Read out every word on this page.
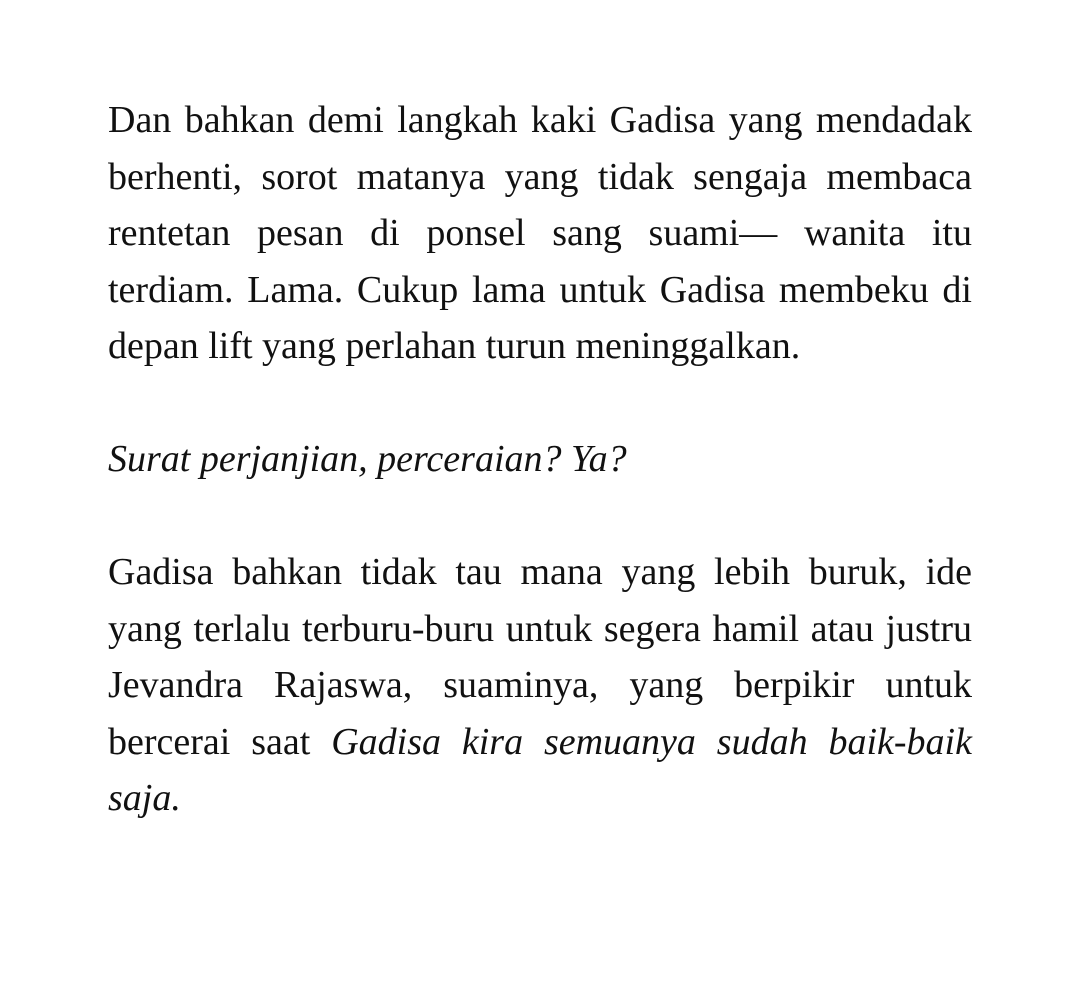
Dan bahkan demi langkah kaki Gadisa yang mendadak berhenti, sorot matanya yang tidak sengaja membaca rentetan pesan di ponsel sang suami— wanita itu terdiam. Lama. Cukup lama untuk Gadisa membeku di depan lift yang perlahan turun meninggalkan.

Surat perjanjian, perceraian? Ya?

Gadisa bahkan tidak tau mana yang lebih buruk, ide yang terlalu terburu-buru untuk segera hamil atau justru Jevandra Rajaswa, suaminya, yang berpikir untuk bercerai saat Gadisa kira semuanya sudah baik-baik saja.
